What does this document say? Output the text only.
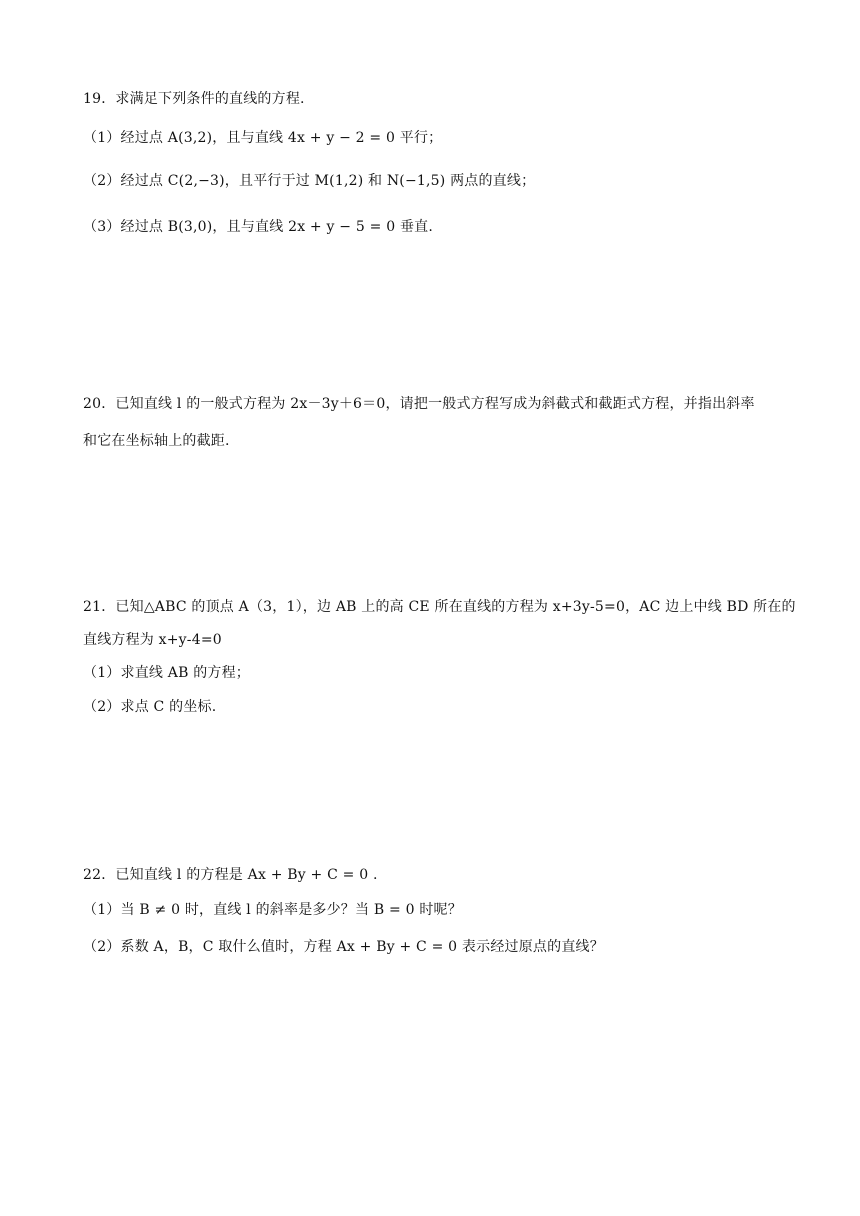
19．求满足下列条件的直线的方程.
（1）经过点 A(3,2)，且与直线 4x + y − 2 = 0 平行；
（2）经过点 C(2,−3)，且平行于过 M(1,2) 和 N(−1,5) 两点的直线；
（3）经过点 B(3,0)，且与直线 2x + y − 5 = 0 垂直.
20．已知直线 l 的一般式方程为 2x－3y＋6＝0，请把一般式方程写成为斜截式和截距式方程，并指出斜率
和它在坐标轴上的截距.
21．已知△ABC 的顶点 A（3，1），边 AB 上的高 CE 所在直线的方程为 x+3y-5=0，AC 边上中线 BD 所在的
直线方程为 x+y-4=0
（1）求直线 AB 的方程；
（2）求点 C 的坐标.
22．已知直线 l 的方程是 Ax + By + C = 0 .
（1）当 B ≠ 0 时，直线 l 的斜率是多少？当 B = 0 时呢？
（2）系数 A，B，C 取什么值时，方程 Ax + By + C = 0 表示经过原点的直线？
